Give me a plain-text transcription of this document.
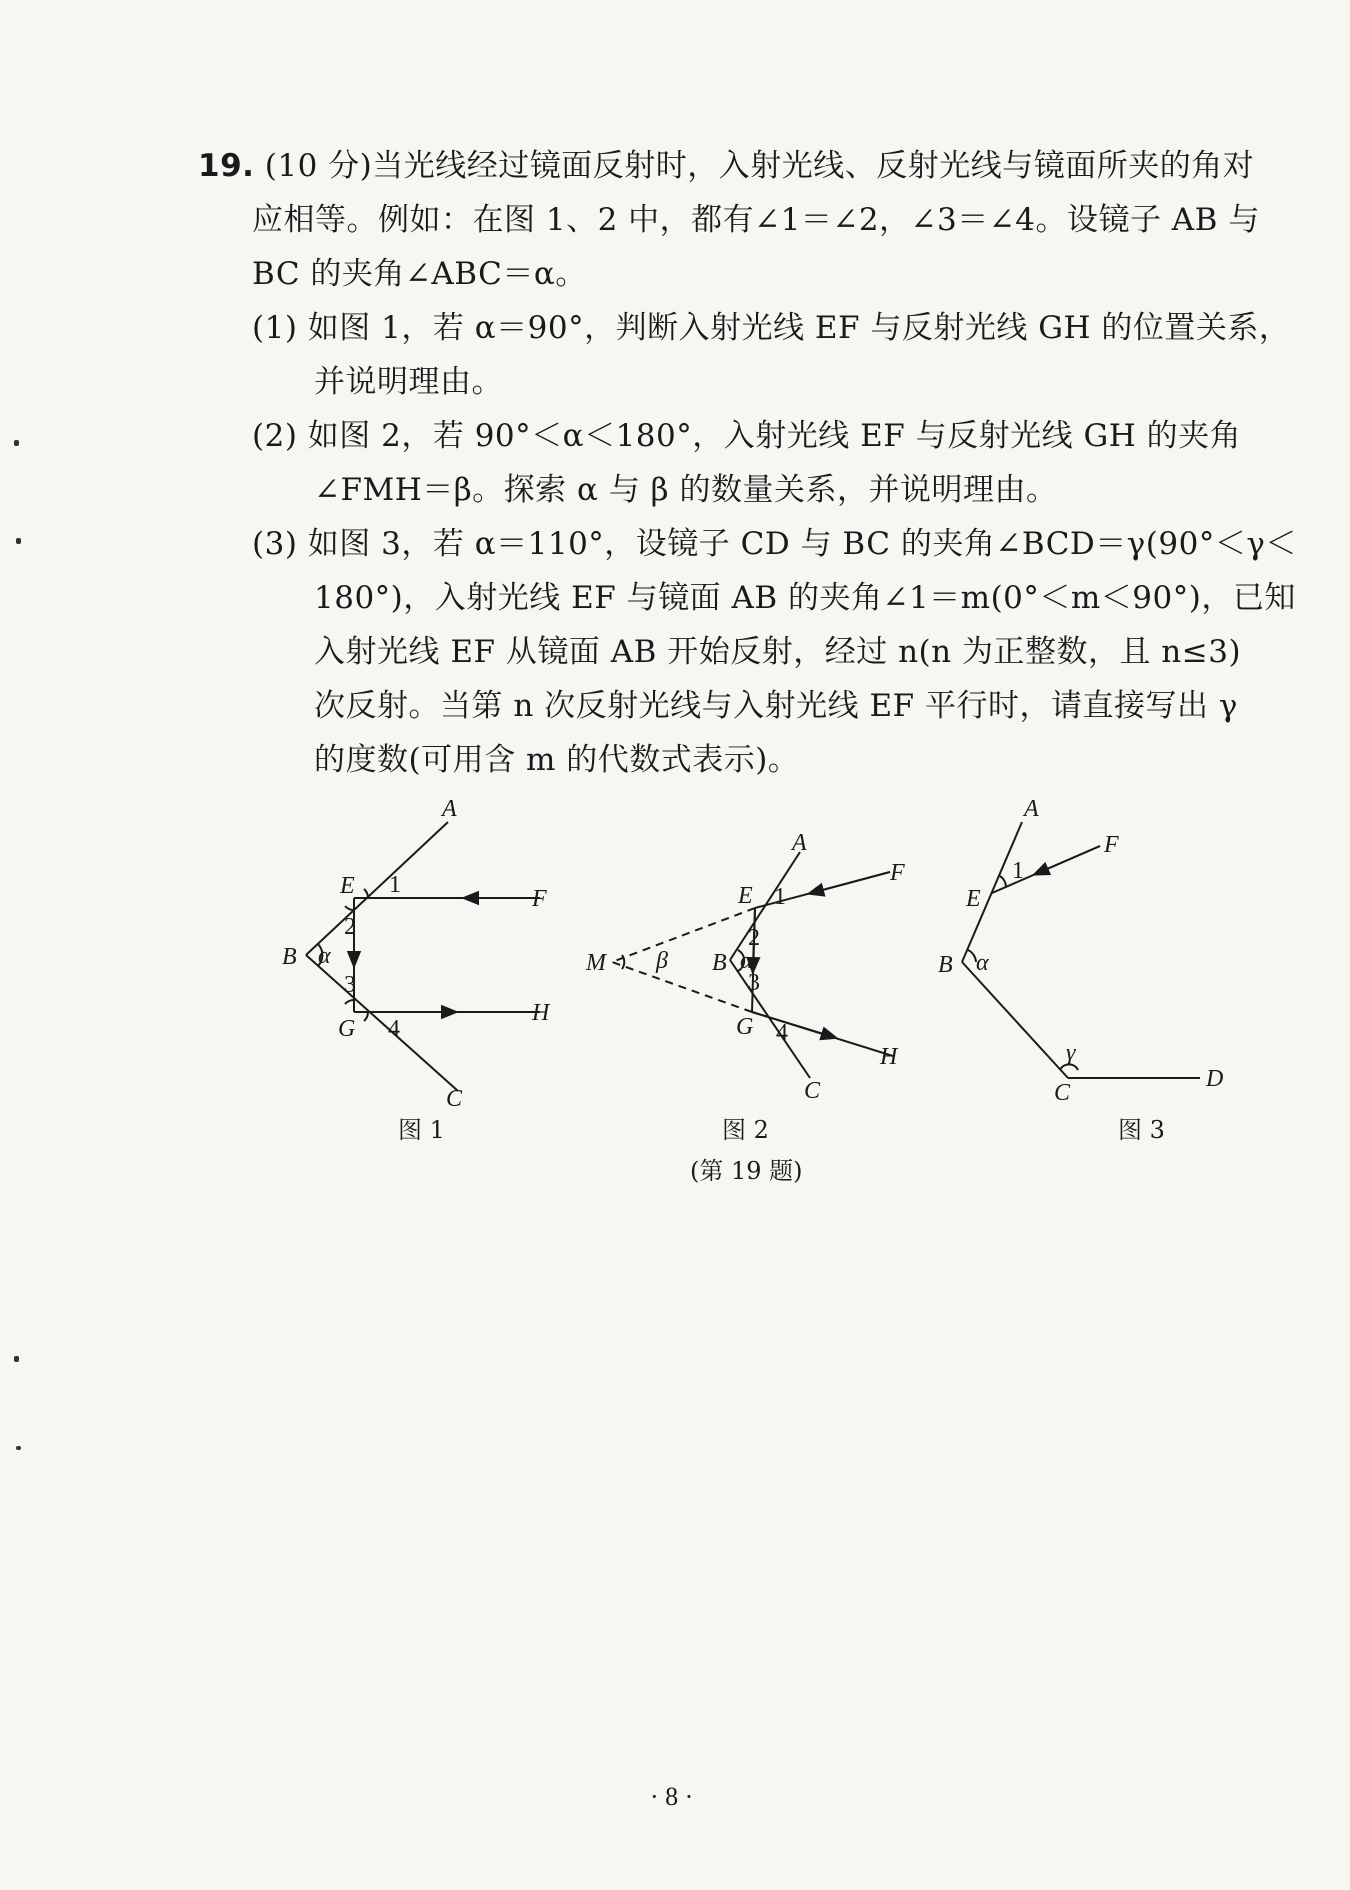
19. (10 分)当光线经过镜面反射时，入射光线、反射光线与镜面所夹的角对
应相等。例如：在图 1、2 中，都有∠1＝∠2，∠3＝∠4。设镜子 AB 与
BC 的夹角∠ABC＝α。
(1) 如图 1，若 α＝90°，判断入射光线 EF 与反射光线 GH 的位置关系，
并说明理由。
(2) 如图 2，若 90°＜α＜180°，入射光线 EF 与反射光线 GH 的夹角
∠FMH＝β。探索 α 与 β 的数量关系，并说明理由。
(3) 如图 3，若 α＝110°，设镜子 CD 与 BC 的夹角∠BCD＝γ(90°＜γ＜
180°)，入射光线 EF 与镜面 AB 的夹角∠1＝m(0°＜m＜90°)，已知
入射光线 EF 从镜面 AB 开始反射，经过 n(n 为正整数，且 n≤3)
次反射。当第 n 次反射光线与入射光线 EF 平行时，请直接写出 γ
的度数(可用含 m 的代数式表示)。
A
B
C
E	F
G
H
1
2
3
4
α
图 1
A
B
C
E
F
G
H
M
1
2
3
4
α
β
图 2
A
B
C
D
E
F
1
α
γ
图 3
(第 19 题)
· 8 ·
